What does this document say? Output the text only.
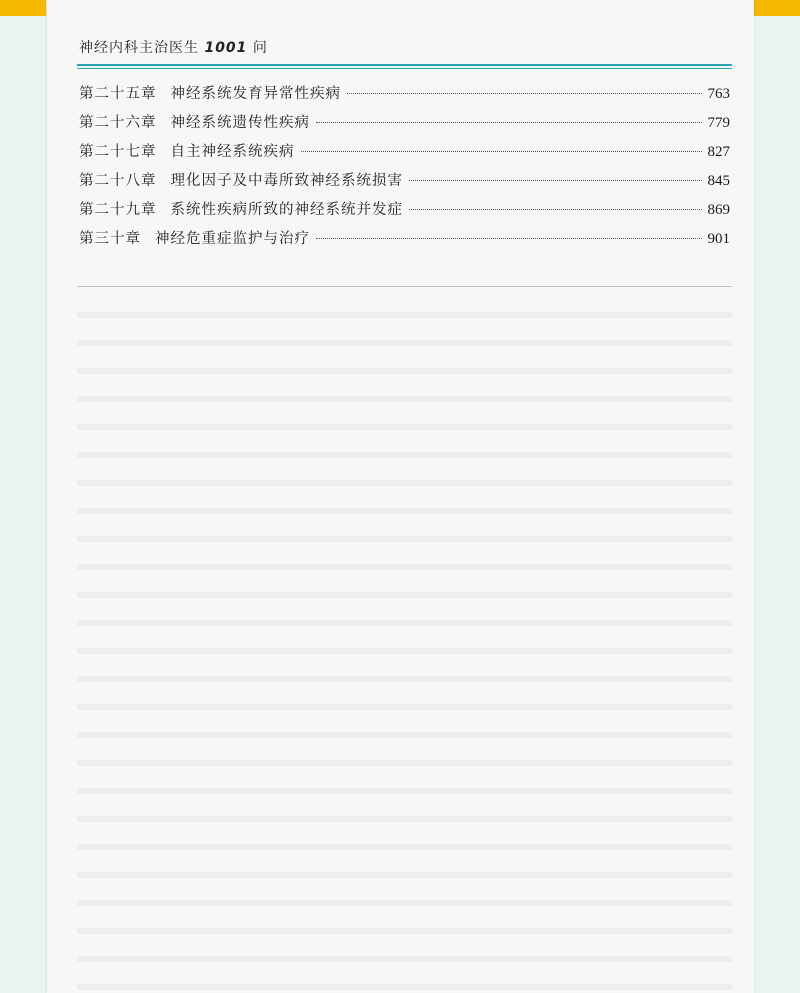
神经内科主治医生 1001 问
第二十五章 神经系统发育异常性疾病	763
第二十六章 神经系统遗传性疾病	779
第二十七章 自主神经系统疾病	827
第二十八章 理化因子及中毒所致神经系统损害	845
第二十九章 系统性疾病所致的神经系统并发症	869
第三十章 神经危重症监护与治疗	901
